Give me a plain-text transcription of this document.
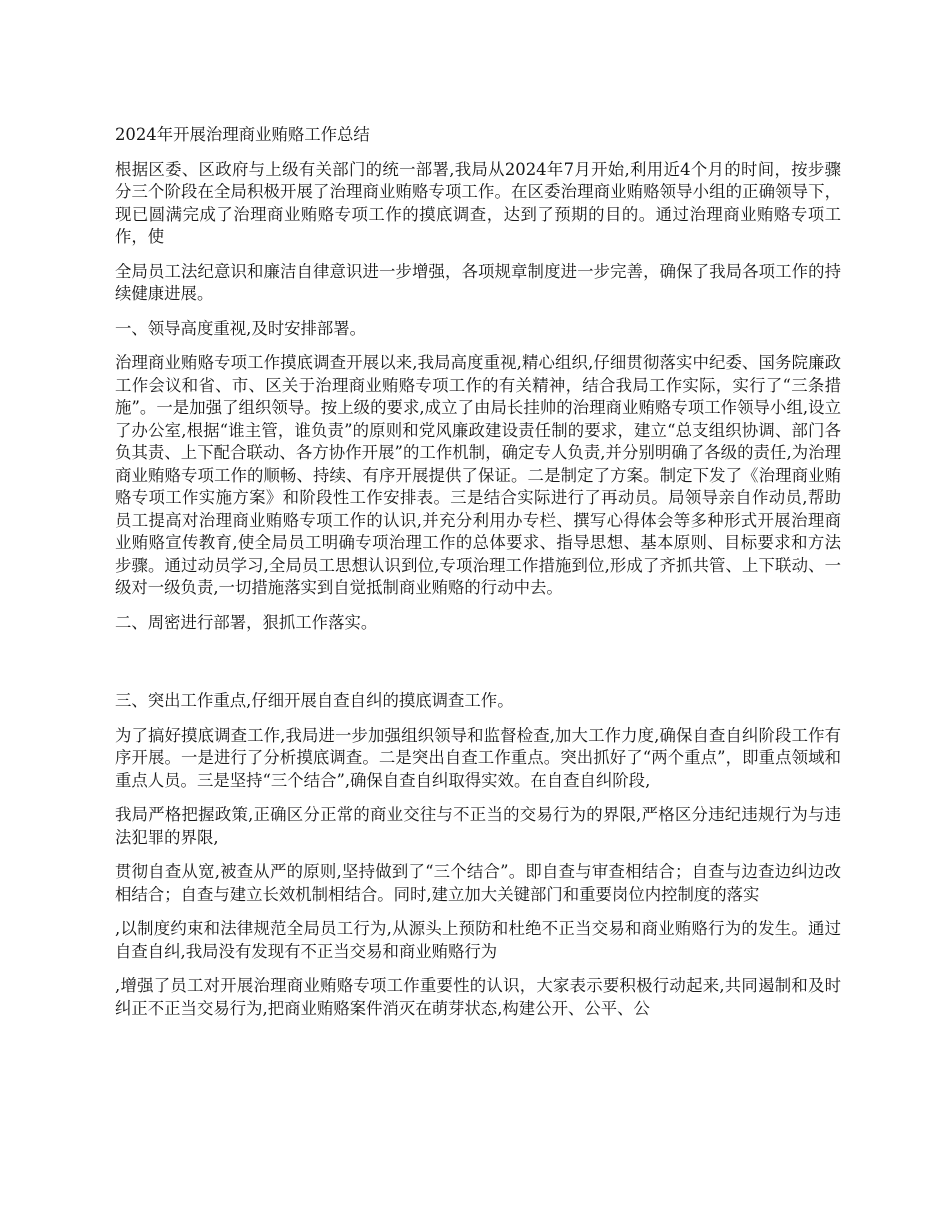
2024年开展治理商业贿赂工作总结

根据区委、区政府与上级有关部门的统一部署,我局从2024年7月开始,利用近4个月的时间，按步骤分三个阶段在全局积极开展了治理商业贿赂专项工作。在区委治理商业贿赂领导小组的正确领导下，现已圆满完成了治理商业贿赂专项工作的摸底调查，达到了预期的目的。通过治理商业贿赂专项工作，使

全局员工法纪意识和廉洁自律意识进一步增强，各项规章制度进一步完善，确保了我局各项工作的持续健康进展。

一、领导高度重视,及时安排部署。

治理商业贿赂专项工作摸底调查开展以来,我局高度重视,精心组织,仔细贯彻落实中纪委、国务院廉政工作会议和省、市、区关于治理商业贿赂专项工作的有关精神，结合我局工作实际，实行了“三条措施”。一是加强了组织领导。按上级的要求,成立了由局长挂帅的治理商业贿赂专项工作领导小组,设立了办公室,根据“谁主管，谁负责”的原则和党风廉政建设责任制的要求，建立“总支组织协调、部门各负其责、上下配合联动、各方协作开展”的工作机制，确定专人负责,并分别明确了各级的责任,为治理商业贿赂专项工作的顺畅、持续、有序开展提供了保证。二是制定了方案。制定下发了《治理商业贿赂专项工作实施方案》和阶段性工作安排表。三是结合实际进行了再动员。局领导亲自作动员,帮助员工提高对治理商业贿赂专项工作的认识,并充分利用办专栏、撰写心得体会等多种形式开展治理商业贿赂宣传教育,使全局员工明确专项治理工作的总体要求、指导思想、基本原则、目标要求和方法步骤。通过动员学习,全局员工思想认识到位,专项治理工作措施到位,形成了齐抓共管、上下联动、一级对一级负责,一切措施落实到自觉抵制商业贿赂的行动中去。

二、周密进行部署，狠抓工作落实。

三、突出工作重点,仔细开展自查自纠的摸底调查工作。

为了搞好摸底调查工作,我局进一步加强组织领导和监督检查,加大工作力度,确保自查自纠阶段工作有序开展。一是进行了分析摸底调查。二是突出自查工作重点。突出抓好了“两个重点”，即重点领域和重点人员。三是坚持“三个结合”,确保自查自纠取得实效。在自查自纠阶段,

我局严格把握政策,正确区分正常的商业交往与不正当的交易行为的界限,严格区分违纪违规行为与违法犯罪的界限,

贯彻自查从宽,被查从严的原则,坚持做到了“三个结合”。即自查与审查相结合；自查与边查边纠边改相结合；自查与建立长效机制相结合。同时,建立加大关键部门和重要岗位内控制度的落实

,以制度约束和法律规范全局员工行为,从源头上预防和杜绝不正当交易和商业贿赂行为的发生。通过自查自纠,我局没有发现有不正当交易和商业贿赂行为

,增强了员工对开展治理商业贿赂专项工作重要性的认识，大家表示要积极行动起来,共同遏制和及时纠正不正当交易行为,把商业贿赂案件消灭在萌芽状态,构建公开、公平、公
